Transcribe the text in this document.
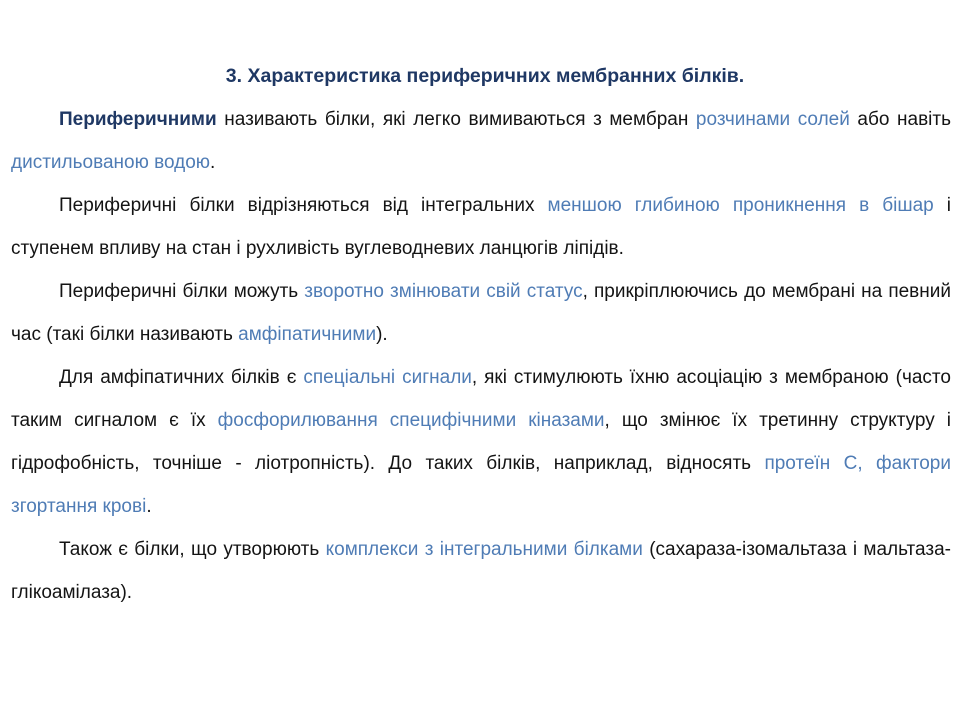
3. Характеристика периферичних мембранних білків.

Периферичними називають білки, які легко вимиваються з мембран розчинами солей або навіть дистильованою водою.

Периферичні білки відрізняються від інтегральних меншою глибиною проникнення в бішар і ступенем впливу на стан і рухливість вуглеводневих ланцюгів ліпідів.

Периферичні білки можуть зворотно змінювати свій статус, прикріплюючись до мембрані на певний час (такі білки називають амфіпатичними).

Для амфіпатичних білків є спеціальні сигнали, які стимулюють їхню асоціацію з мембраною (часто таким сигналом є їх фосфорилювання специфічними кіназами, що змінює їх третинну структуру і гідрофобність, точніше - ліотропність). До таких білків, наприклад, відносять протеїн С, фактори згортання крові.

Також є білки, що утворюють комплекси з інтегральними білками (сахараза-ізомальтаза і мальтаза-глікоамілаза).
